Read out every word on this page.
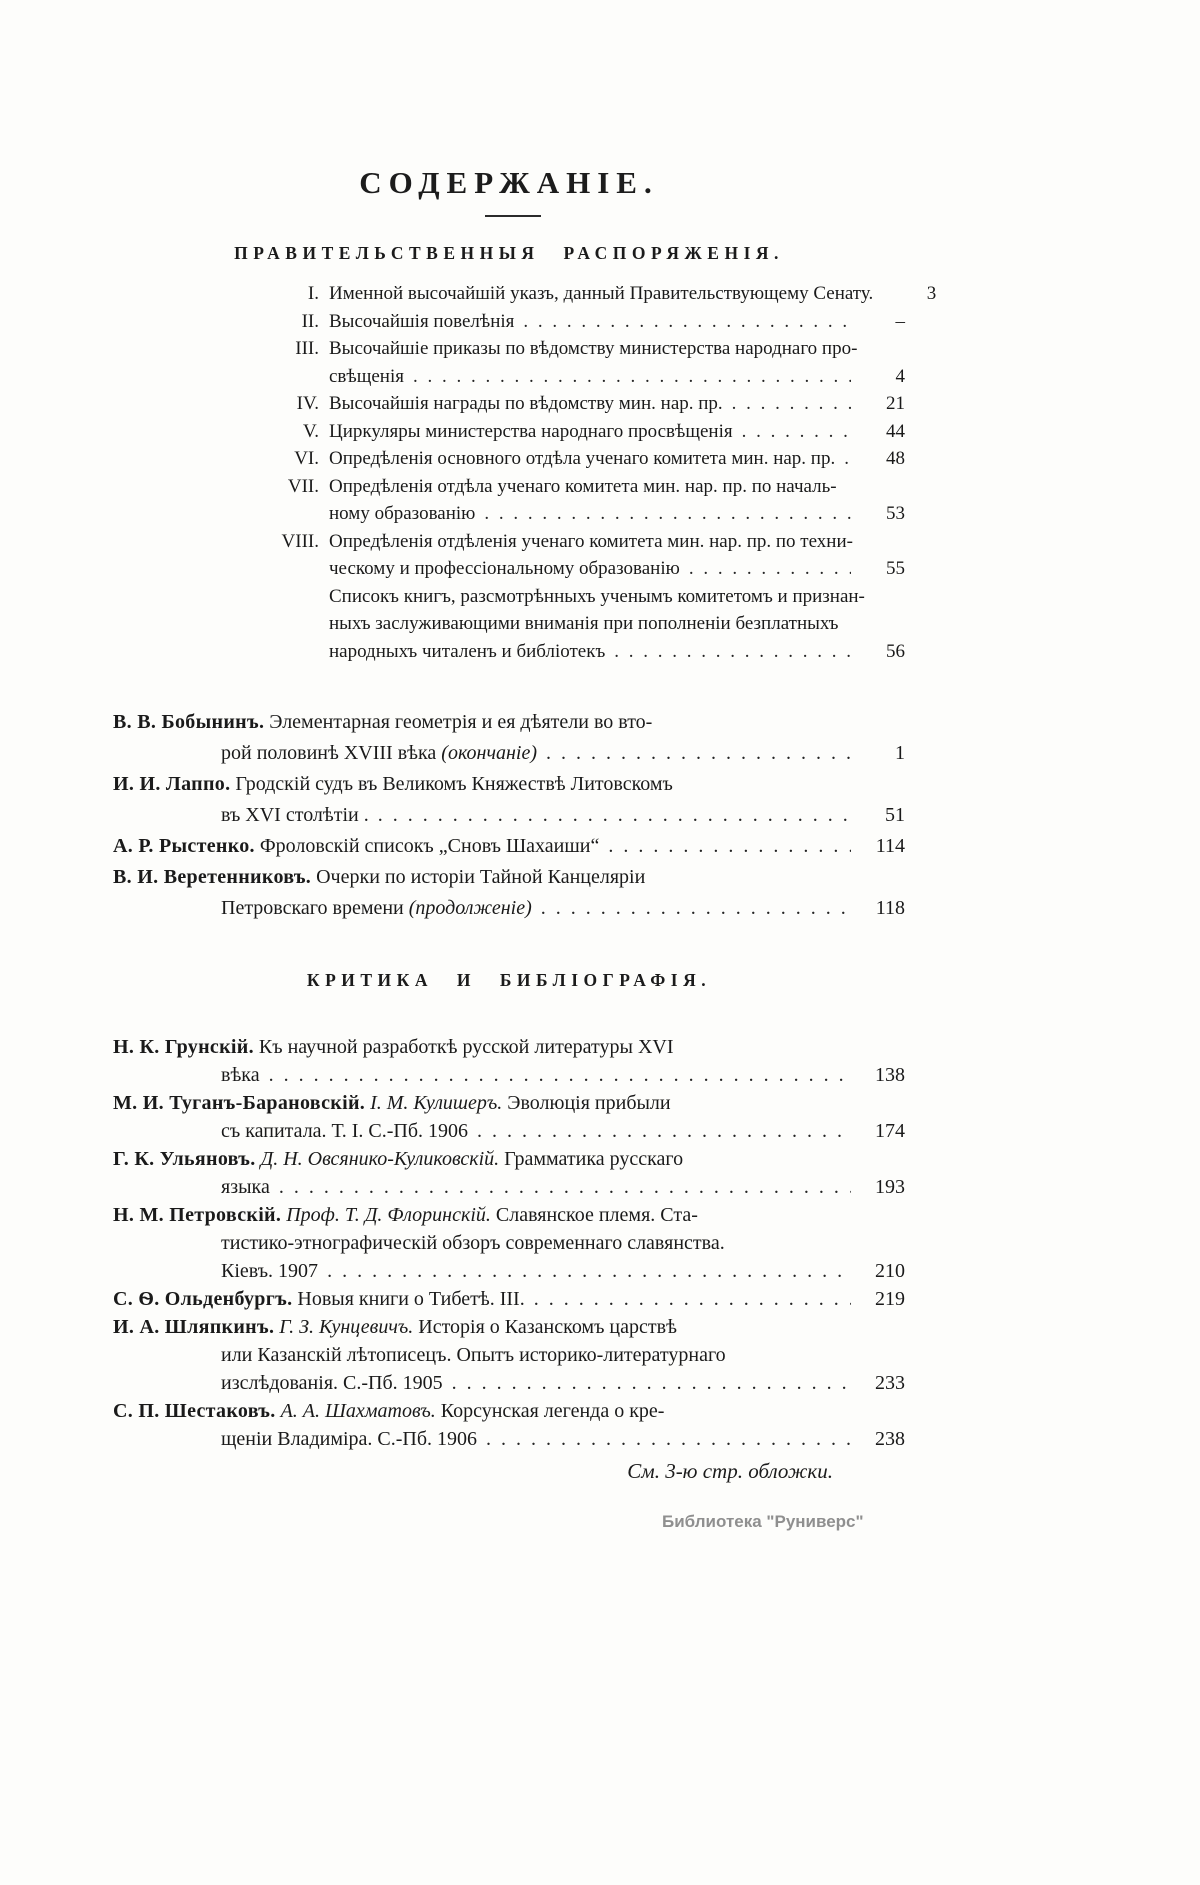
СОДЕРЖАНІЕ.
ПРАВИТЕЛЬСТВЕННЫЯ РАСПОРЯЖЕНІЯ.
I. Именной высочайшій указъ, данный Правительствующему Сенату.	3
II. Высочайшія повелѣнія . . .	–
III. Высочайшіе приказы по вѣдомству министерства народнаго про-
свѣщенія . . .	4
IV. Высочайшія награды по вѣдомству мин. нар. пр. . . .	21
V. Циркуляры министерства народнаго просвѣщенія . . .	44
VI. Опредѣленія основного отдѣла ученаго комитета мин. нар. пр. . . .	48
VII. Опредѣленія отдѣла ученаго комитета мин. нар. пр. по началь-
ному образованію . . .	53
VIII. Опредѣленія отдѣленія ученаго комитета мин. нар. пр. по техни-
ческому и профессіональному образованію . . .	55
Списокъ книгъ, разсмотрѣнныхъ ученымъ комитетомъ и признан-
ныхъ заслуживающими вниманія при пополненіи безплатныхъ
народныхъ читаленъ и библіотекъ . . .	56
В. В. Бобынинъ. Элементарная геометрія и ея дѣятели во вто-
рой половинѣ XVIII вѣка (окончаніе) . . .	1
И. И. Лаппо. Гродскій судъ въ Великомъ Княжествѣ Литовскомъ
въ XVI столѣтіи . . . .	51
А. Р. Рыстенко. Фроловскій списокъ „Сновъ Шахаиши“ . . .	114
В. И. Веретенниковъ. Очерки по исторіи Тайной Канцеляріи
Петровскаго времени (продолженіе) . . .	118
КРИТИКА И БИБЛІОГРАФІЯ.
Н. К. Грунскій. Къ научной разработкѣ русской литературы XVI
вѣка . . .	138
М. И. Туганъ-Барановскій. І. М. Кулишеръ. Эволюція прибыли
съ капитала. Т. І. С.-Пб. 1906 . . .	174
Г. К. Ульяновъ. Д. Н. Овсянико-Куликовскій. Грамматика русскаго
языка . . .	193
Н. М. Петровскій. Проф. Т. Д. Флоринскій. Славянское племя. Ста-
тистико-этнографическій обзоръ современнаго славянства.
Кіевъ. 1907 . . .	210
С. Ѳ. Ольденбургъ. Новыя книги о Тибетѣ. III. . . .	219
И. А. Шляпкинъ. Г. З. Кунцевичъ. Исторія о Казанскомъ царствѣ
или Казанскій лѣтописецъ. Опытъ историко-литературнаго
изслѣдованія. С.-Пб. 1905 . . .	233
С. П. Шестаковъ. А. А. Шахматовъ. Корсунская легенда о кре-
щеніи Владиміра. С.-Пб. 1906 . . .	238
См. 3-ю стр. обложки.
Библиотека "Руниверс"
